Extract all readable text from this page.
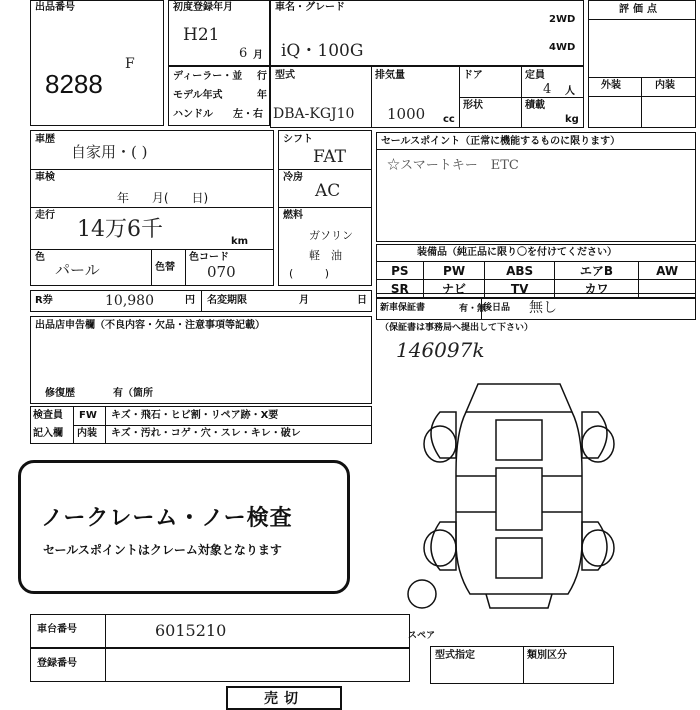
出品番号
8288
F
初度登録年月
H21
6 月
車名・グレード
iQ・100G
2WD
4WD
評価点
外装	内装
ディーラー・並 行
モデル年式	年
ハンドル 左・右
型式
DBA-KGJ10
排気量
1000 cc
ドア
形状
定員
4 人
積載
kg
車歴
自家用・( )
車検
年      月(      日)
走行
14万6千	km
色
パール	色替
色コード
070
シフト
FAT
冷房
AC
燃料
ガソリン
軽　油
(         )
セールスポイント（正常に機能するものに限ります）
☆スマートキー　ETC
装備品（純正品に限り〇を付けてください）
PS	PW	ABS	エアB	AW
SR	ナビ	TV	カワ	
新車保証書	有・無
後日品 無し
（保証書は事務局へ提出して下さい）
146097k
R券	10,980	円 名変期限	月	日
出品店申告欄（不良内容・欠品・注意事項等記載）
修復歴	有（箇所
検査員
記入欄
FW キズ・飛石・ヒビ割・リペア跡・X要
内装 キズ・汚れ・コゲ・穴・スレ・キレ・破レ
ノークレーム・ノー検査
セールスポイントはクレーム対象となります
スペア
車台番号	6015210
登録番号
型式指定	類別区分
売切
